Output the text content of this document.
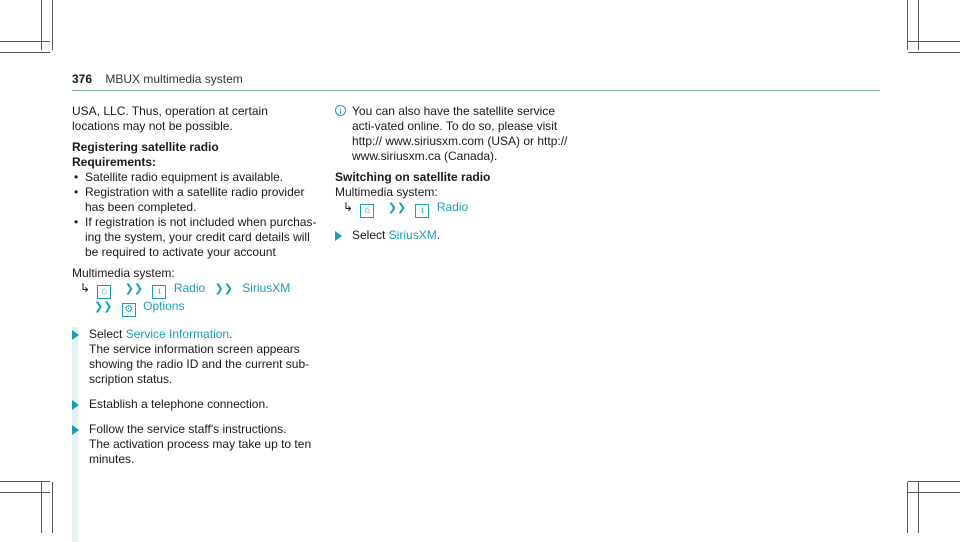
376 MBUX multimedia system

USA, LLC. Thus, operation at certain locations may not be possible.

Registering satellite radio

Requirements:

• Satellite radio equipment is available.
• Registration with a satellite radio provider has been completed.
• If registration is not included when purchas-ing the system, your credit card details will be required to activate your account

Multimedia system:

↳ ⌂ ❯❯ ɩ Radio ❯❯ SiriusXM
❯❯ ⚙ Options
Select Service Information.

The service information screen appears showing the radio ID and the current sub-scription status.

Establish a telephone connection.

Follow the service staff's instructions.

The activation process may take up to ten minutes.

i You can also have the satellite service acti-vated online. To do so, please visit http:// www.siriusxm.com (USA) or http:// www.siriusxm.ca (Canada).

Switching on satellite radio

Multimedia system:

↳ ⌂ ❯❯ ɩ Radio
Select SiriusXM.
